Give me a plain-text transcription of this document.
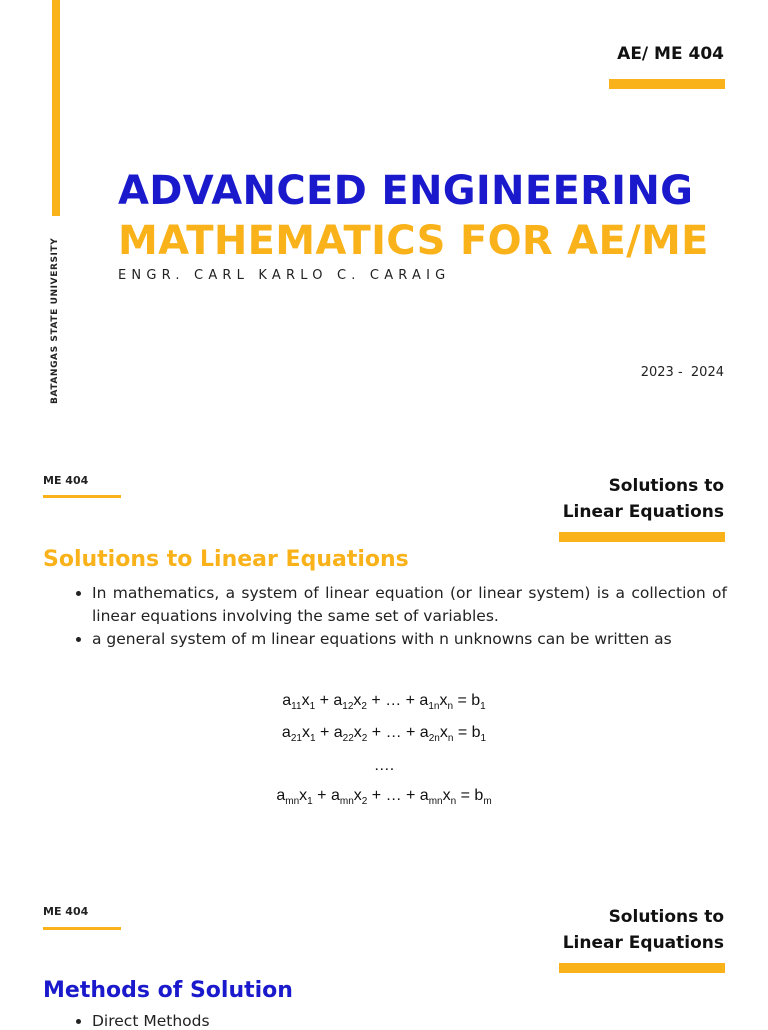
BATANGAS STATE UNIVERSITY
AE/ ME 404
ADVANCED ENGINEERING
MATHEMATICS FOR AE/ME
ENGR. CARL KARLO C. CARAIG
2023 -  2024
ME 404	Solutions to
Linear Equations
Solutions to Linear Equations
• In mathematics, a system of linear equation (or linear system) is a collection of linear equations involving the same set of variables.
• a general system of m linear equations with n unknowns can be written as
$a_{11}x_1 + a_{12}x_2$ + … + $a_{1n}x_n = b_1$
$a_{21}x_1 + a_{22}x_2$ + … + $a_{2n}x_n = b_1$
….
$a_{mn}x_1 + a_{mn}x_2$ + … + $a_{mn}x_n = b_m$
ME 404	Solutions to
Linear Equations
Methods of Solution
• Direct Methods
